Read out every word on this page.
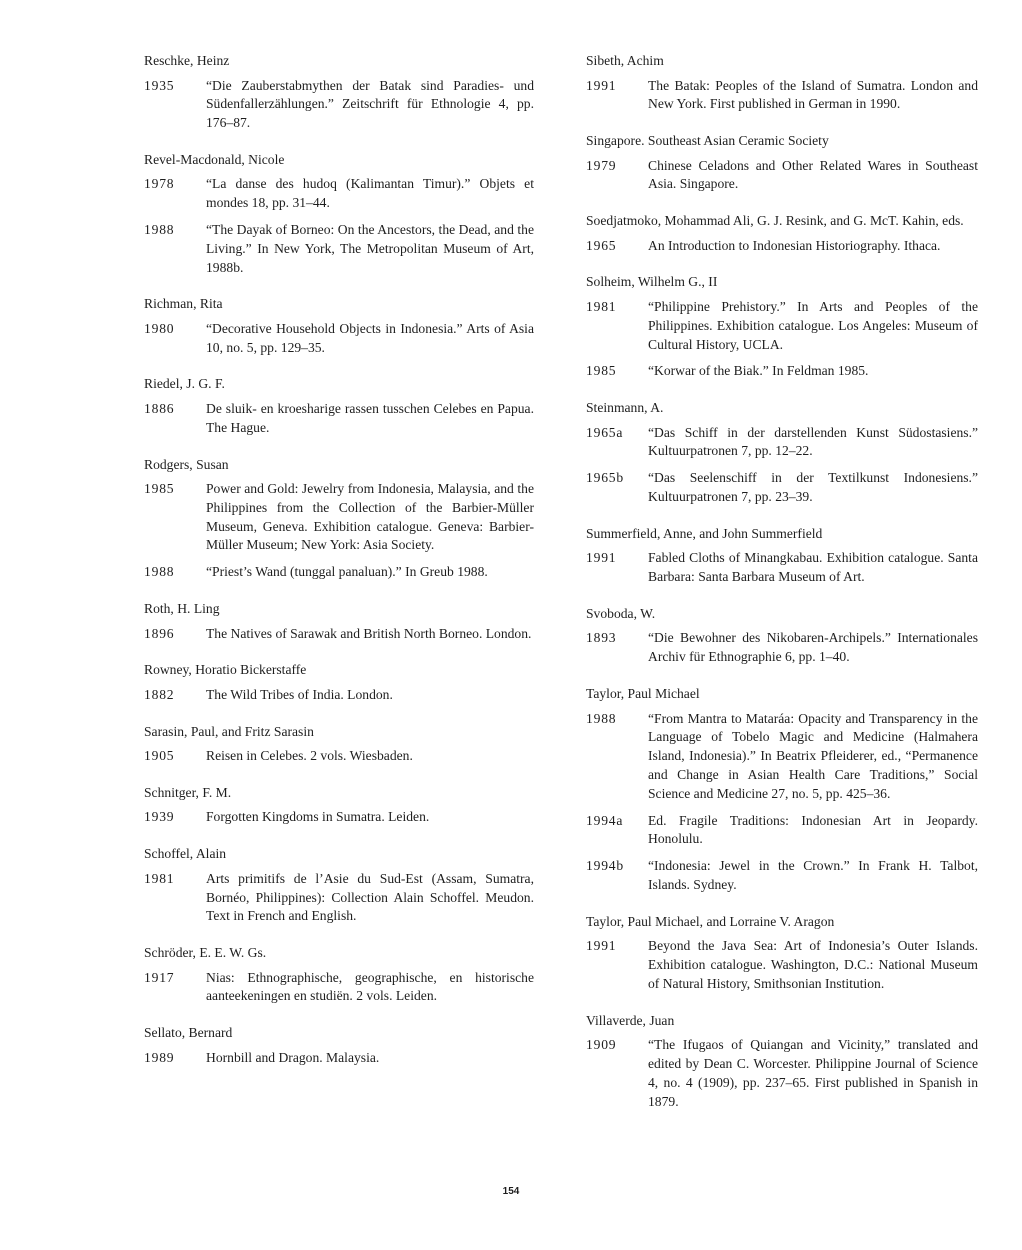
Reschke, Heinz
1935	“Die Zauberstabmythen der Batak sind Paradies- und Südenfallerzählungen.” Zeitschrift für Ethnologie 4, pp. 176–87.
Revel-Macdonald, Nicole
1978	“La danse des hudoq (Kalimantan Timur).” Objets et mondes 18, pp. 31–44.
1988	“The Dayak of Borneo: On the Ancestors, the Dead, and the Living.” In New York, The Metropolitan Museum of Art, 1988b.
Richman, Rita
1980	“Decorative Household Objects in Indonesia.” Arts of Asia 10, no. 5, pp. 129–35.
Riedel, J. G. F.
1886	De sluik- en kroesharige rassen tusschen Celebes en Papua. The Hague.
Rodgers, Susan
1985	Power and Gold: Jewelry from Indonesia, Malaysia, and the Philippines from the Collection of the Barbier-Müller Museum, Geneva. Exhibition catalogue. Geneva: Barbier-Müller Museum; New York: Asia Society.
1988	“Priest’s Wand (tunggal panaluan).” In Greub 1988.
Roth, H. Ling
1896	The Natives of Sarawak and British North Borneo. London.
Rowney, Horatio Bickerstaffe
1882	The Wild Tribes of India. London.
Sarasin, Paul, and Fritz Sarasin
1905	Reisen in Celebes. 2 vols. Wiesbaden.
Schnitger, F. M.
1939	Forgotten Kingdoms in Sumatra. Leiden.
Schoffel, Alain
1981	Arts primitifs de l’Asie du Sud-Est (Assam, Sumatra, Bornéo, Philippines): Collection Alain Schoffel. Meudon. Text in French and English.
Schröder, E. E. W. Gs.
1917	Nias: Ethnographische, geographische, en historische aanteekeningen en studiën. 2 vols. Leiden.
Sellato, Bernard
1989	Hornbill and Dragon. Malaysia.
Sibeth, Achim
1991	The Batak: Peoples of the Island of Sumatra. London and New York. First published in German in 1990.
Singapore. Southeast Asian Ceramic Society
1979	Chinese Celadons and Other Related Wares in Southeast Asia. Singapore.
Soedjatmoko, Mohammad Ali, G. J. Resink, and G. McT. Kahin, eds.
1965	An Introduction to Indonesian Historiography. Ithaca.
Solheim, Wilhelm G., II
1981	“Philippine Prehistory.” In Arts and Peoples of the Philippines. Exhibition catalogue. Los Angeles: Museum of Cultural History, UCLA.
1985	“Korwar of the Biak.” In Feldman 1985.
Steinmann, A.
1965a	“Das Schiff in der darstellenden Kunst Südostasiens.” Kultuurpatronen 7, pp. 12–22.
1965b	“Das Seelenschiff in der Textilkunst Indonesiens.” Kultuurpatronen 7, pp. 23–39.
Summerfield, Anne, and John Summerfield
1991	Fabled Cloths of Minangkabau. Exhibition catalogue. Santa Barbara: Santa Barbara Museum of Art.
Svoboda, W.
1893	“Die Bewohner des Nikobaren-Archipels.” Internationales Archiv für Ethnographie 6, pp. 1–40.
Taylor, Paul Michael
1988	“From Mantra to Mataráa: Opacity and Transparency in the Language of Tobelo Magic and Medicine (Halmahera Island, Indonesia).” In Beatrix Pfleiderer, ed., “Permanence and Change in Asian Health Care Traditions,” Social Science and Medicine 27, no. 5, pp. 425–36.
1994a	Ed. Fragile Traditions: Indonesian Art in Jeopardy. Honolulu.
1994b	“Indonesia: Jewel in the Crown.” In Frank H. Talbot, Islands. Sydney.
Taylor, Paul Michael, and Lorraine V. Aragon
1991	Beyond the Java Sea: Art of Indonesia’s Outer Islands. Exhibition catalogue. Washington, D.C.: National Museum of Natural History, Smithsonian Institution.
Villaverde, Juan
1909	“The Ifugaos of Quiangan and Vicinity,” translated and edited by Dean C. Worcester. Philippine Journal of Science 4, no. 4 (1909), pp. 237–65. First published in Spanish in 1879.
154
